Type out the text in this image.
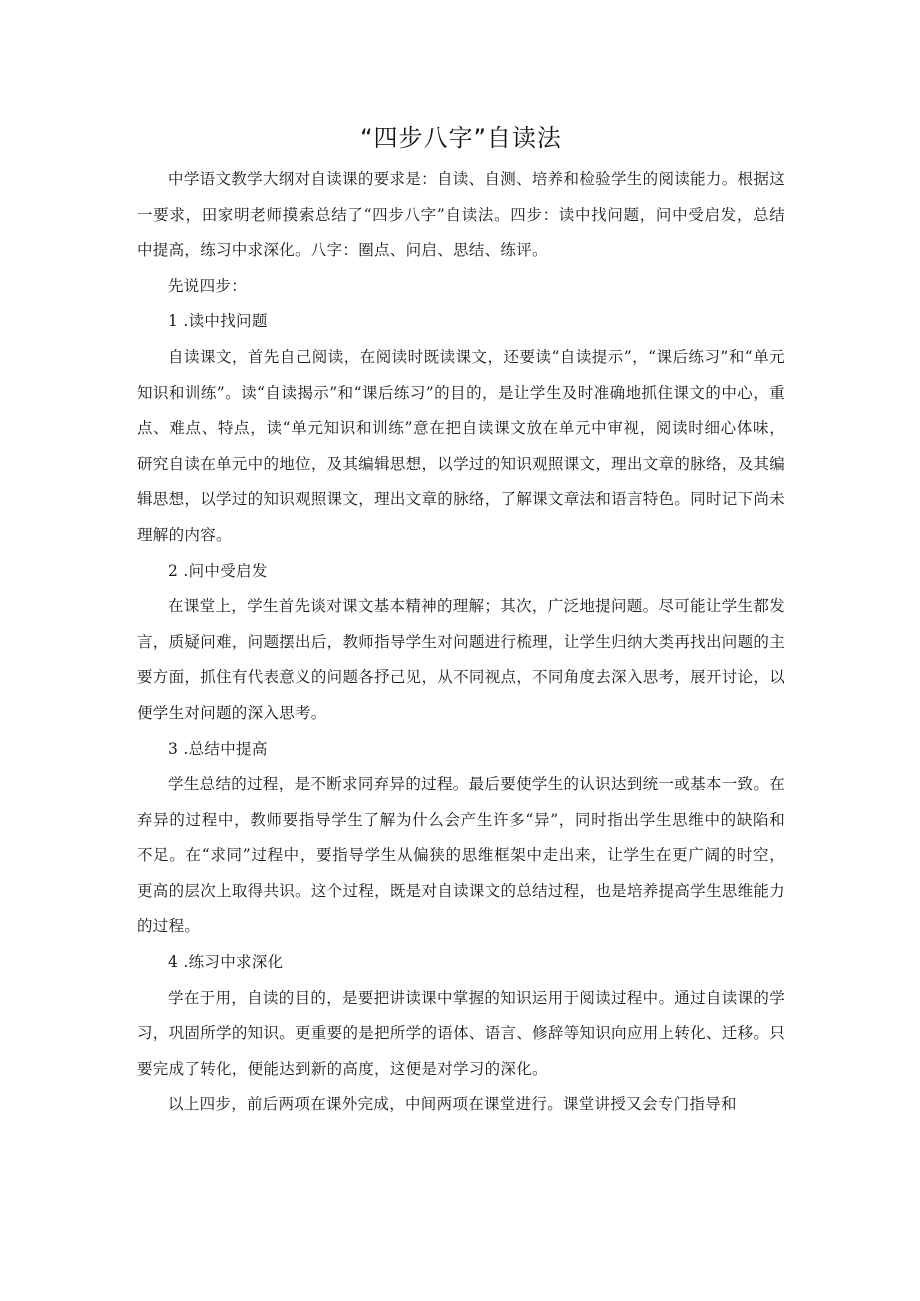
“四步八字”自读法

中学语文教学大纲对自读课的要求是：自读、自测、培养和检验学生的阅读能力。根据这一要求，田家明老师摸索总结了“四步八字”自读法。四步：读中找问题，问中受启发，总结中提高，练习中求深化。八字：圈点、问启、思结、练评。

先说四步：

1 .读中找问题

自读课文，首先自己阅读，在阅读时既读课文，还要读“自读提示”，“课后练习”和“单元知识和训练”。读“自读揭示”和“课后练习”的目的，是让学生及时准确地抓住课文的中心，重点、难点、特点，读“单元知识和训练”意在把自读课文放在单元中审视，阅读时细心体味，研究自读在单元中的地位，及其编辑思想，以学过的知识观照课文，理出文章的脉络，及其编辑思想，以学过的知识观照课文，理出文章的脉络，了解课文章法和语言特色。同时记下尚未理解的内容。

2 .问中受启发

在课堂上，学生首先谈对课文基本精神的理解；其次，广泛地提问题。尽可能让学生都发言，质疑问难，问题摆出后，教师指导学生对问题进行梳理，让学生归纳大类再找出问题的主要方面，抓住有代表意义的问题各抒己见，从不同视点，不同角度去深入思考，展开讨论，以便学生对问题的深入思考。

3 .总结中提高

学生总结的过程，是不断求同弃异的过程。最后要使学生的认识达到统一或基本一致。在弃异的过程中，教师要指导学生了解为什么会产生许多“异”，同时指出学生思维中的缺陷和不足。在“求同”过程中，要指导学生从偏狭的思维框架中走出来，让学生在更广阔的时空，更高的层次上取得共识。这个过程，既是对自读课文的总结过程，也是培养提高学生思维能力的过程。

4 .练习中求深化

学在于用，自读的目的，是要把讲读课中掌握的知识运用于阅读过程中。通过自读课的学习，巩固所学的知识。更重要的是把所学的语体、语言、修辞等知识向应用上转化、迁移。只要完成了转化，便能达到新的高度，这便是对学习的深化。

以上四步，前后两项在课外完成，中间两项在课堂进行。课堂讲授又会专门指导和
